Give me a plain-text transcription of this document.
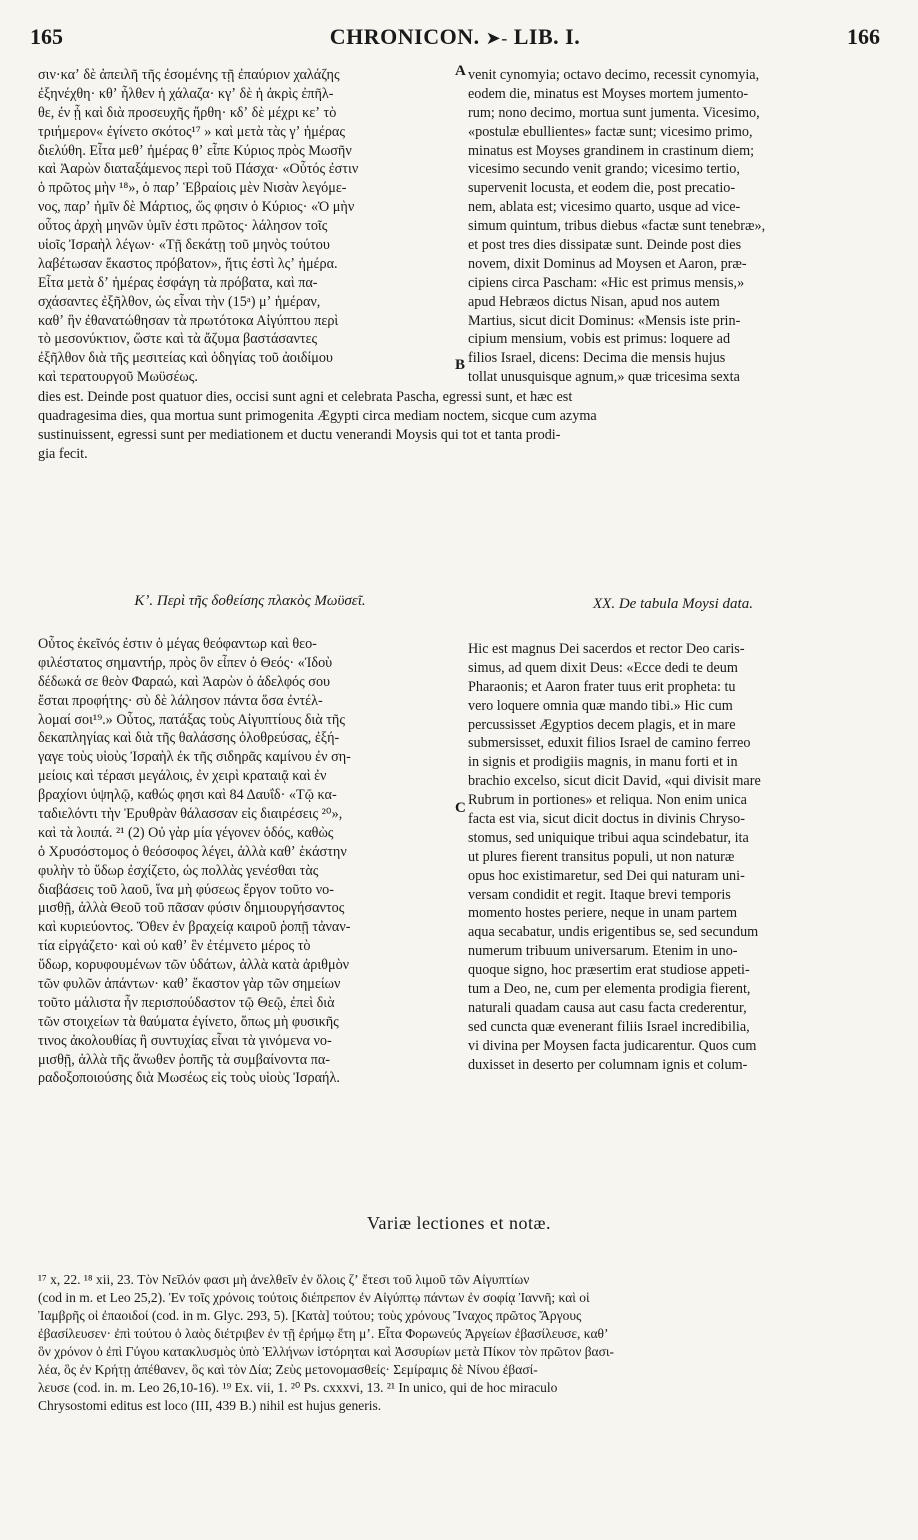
165	CHRONICON. ➤- LIB. I.	166
A
B
C
σιν·καʼ δὲ ἀπειλῆ τῆς ἐσομένης τῇ ἐπαύριον χαλάζης
ἐξηνέχθη· κθʼ ἦλθεν ἡ χάλαζα· κγʼ δὲ ἡ ἀκρὶς ἐπῆλ-
θε, ἐν ᾗ καὶ διὰ προσευχῆς ἤρθη· κδʼ δὲ μέχρι κεʼ τὸ
τριήμερον« ἐγίνετο σκότος¹⁷ » καὶ μετὰ τὰς γʼ ἡμέρας
διελύθη. Εἶτα μεθʼ ἡμέρας θʼ εἶπε Κύριος πρὸς Μωσῆν
καὶ Ἀαρὼν διαταξάμενος περὶ τοῦ Πάσχα· «Οὗτός ἐστιν
ὁ πρῶτος μὴν ¹⁸», ὁ παρʼ Ἑβραίοις μὲν Νισὰν λεγόμε-
νος, παρʼ ἡμῖν δὲ Μάρτιος, ὥς φησιν ὁ Κύριος· «Ὁ μὴν
οὗτος ἀρχὴ μηνῶν ὑμῖν ἐστι πρῶτος· λάλησον τοῖς
υἱοῖς Ἰσραὴλ λέγων· «Τῇ δεκάτῃ τοῦ μηνὸς τούτου
λαβέτωσαν ἕκαστος πρόβατον», ἥτις ἐστὶ λςʼ ἡμέρα.
Εἶτα μετὰ δʼ ἡμέρας ἐσφάγη τὰ πρόβατα, καὶ πα-
σχάσαντες ἐξῆλθον, ὡς εἶναι τὴν (15ᵃ) μʼ ἡμέραν,
καθʼ ἣν ἐθανατώθησαν τὰ πρωτότοκα Αἰγύπτου περὶ
τὸ μεσονύκτιον, ὥστε καὶ τὰ ἄζυμα βαστάσαντες
ἐξῆλθον διὰ τῆς μεσιτείας καὶ ὁδηγίας τοῦ ἀοιδίμου
καὶ τερατουργοῦ Μωϋσέως.
venit cynomyia; octavo decimo, recessit cynomyia,
eodem die, minatus est Moyses mortem jumento-
rum; nono decimo, mortua sunt jumenta. Vicesimo,
«postulæ ebullientes» factæ sunt; vicesimo primo,
minatus est Moyses grandinem in crastinum diem;
vicesimo secundo venit grando; vicesimo tertio,
supervenit locusta, et eodem die, post precatio-
nem, ablata est; vicesimo quarto, usque ad vice-
simum quintum, tribus diebus «factæ sunt tenebræ»,
et post tres dies dissipatæ sunt. Deinde post dies
novem, dixit Dominus ad Moysen et Aaron, præ-
cipiens circa Pascham: «Hic est primus mensis,»
apud Hebræos dictus Nisan, apud nos autem
Martius, sicut dicit Dominus: «Mensis iste prin-
cipium mensium, vobis est primus: loquere ad
filios Israel, dicens: Decima die mensis hujus
tollat unusquisque agnum,» quæ tricesima sexta
dies est. Deinde post quatuor dies, occisi sunt agni et celebrata Pascha, egressi sunt, et hæc est
quadragesima dies, qua mortua sunt primogenita Ægypti circa mediam noctem, sicque cum azyma
sustinuissent, egressi sunt per mediationem et ductu venerandi Moysis qui tot et tanta prodi-
gia fecit.
Κʼ. Περὶ τῆς δοθείσης πλακὸς Μωϋσεῖ.	XX. De tabula Moysi data.
Οὗτος ἐκεῖνός ἐστιν ὁ μέγας θεόφαντωρ καὶ θεο-
φιλέστατος σημαντήρ, πρὸς ὃν εἶπεν ὁ Θεός· «Ἰδοὺ
δέδωκά σε θεὸν Φαραώ, καὶ Ἀαρὼν ὁ ἀδελφός σου
ἔσται προφήτης· σὺ δὲ λάλησον πάντα ὅσα ἐντέλ-
λομαί σοι¹⁹.» Οὗτος, πατάξας τοὺς Αἰγυπτίους διὰ τῆς
δεκαπληγίας καὶ διὰ τῆς θαλάσσης ὀλοθρεύσας, ἐξή-
γαγε τοὺς υἱοὺς Ἰσραὴλ ἐκ τῆς σιδηρᾶς καμίνου ἐν ση-
μείοις καὶ τέρασι μεγάλοις, ἐν χειρὶ κραταιᾷ καὶ ἐν
βραχίονι ὑψηλῷ, καθώς φησι καὶ 84 Δαυΐδ· «Τῷ κα-
ταδιελόντι τὴν Ἐρυθρὰν θάλασσαν εἰς διαιρέσεις ²⁰»,
καὶ τὰ λοιπά. ²¹ (2) Οὐ γὰρ μία γέγονεν ὁδός, καθὼς
ὁ Χρυσόστομος ὁ θεόσοφος λέγει, ἀλλὰ καθʼ ἑκάστην
φυλὴν τὸ ὕδωρ ἐσχίζετο, ὡς πολλὰς γενέσθαι τὰς
διαβάσεις τοῦ λαοῦ, ἵνα μὴ φύσεως ἔργον τοῦτο νο-
μισθῇ, ἀλλὰ Θεοῦ τοῦ πᾶσαν φύσιν δημιουργήσαντος
καὶ κυριεύοντος. Ὅθεν ἐν βραχείᾳ καιροῦ ῥοπῇ τἀναν-
τία εἰργάζετο· καὶ οὐ καθʼ ἓν ἐτέμνετο μέρος τὸ
ὕδωρ, κορυφουμένων τῶν ὑδάτων, ἀλλὰ κατὰ ἀριθμὸν
τῶν φυλῶν ἁπάντων· καθʼ ἕκαστον γὰρ τῶν σημείων
τοῦτο μάλιστα ἦν περισπούδαστον τῷ Θεῷ, ἐπεὶ διὰ
τῶν στοιχείων τὰ θαύματα ἐγίνετο, ὅπως μὴ φυσικῆς
τινος ἀκολουθίας ἢ συντυχίας εἶναι τὰ γινόμενα νο-
μισθῇ, ἀλλὰ τῆς ἄνωθεν ῥοπῆς τὰ συμβαίνοντα πα-
ραδοξοποιούσης διὰ Μωσέως εἰς τοὺς υἱοὺς Ἰσραήλ.
Hic est magnus Dei sacerdos et rector Deo caris-
simus, ad quem dixit Deus: «Ecce dedi te deum
Pharaonis; et Aaron frater tuus erit propheta: tu
vero loquere omnia quæ mando tibi.» Hic cum
percussisset Ægyptios decem plagis, et in mare
submersisset, eduxit filios Israel de camino ferreo
in signis et prodigiis magnis, in manu forti et in
brachio excelso, sicut dicit David, «qui divisit mare
Rubrum in portiones» et reliqua. Non enim unica
facta est via, sicut dicit doctus in divinis Chryso-
stomus, sed uniquique tribui aqua scindebatur, ita
ut plures fierent transitus populi, ut non naturæ
opus hoc existimaretur, sed Dei qui naturam uni-
versam condidit et regit. Itaque brevi temporis
momento hostes periere, neque in unam partem
aqua secabatur, undis erigentibus se, sed secundum
numerum tribuum universarum. Etenim in uno-
quoque signo, hoc præsertim erat studiose appeti-
tum a Deo, ne, cum per elementa prodigia fierent,
naturali quadam causa aut casu facta crederentur,
sed cuncta quæ evenerant filiis Israel incredibilia,
vi divina per Moysen facta judicarentur. Quos cum
duxisset in deserto per columnam ignis et colum-
Variæ lectiones et notæ.
¹⁷ x, 22. ¹⁸ xii, 23. Τὸν Νεῖλόν φασι μὴ ἀνελθεῖν ἐν ὅλοις ζʼ ἔτεσι τοῦ λιμοῦ τῶν Αἰγυπτίων
(cod in m. et Leo 25,2). Ἐν τοῖς χρόνοις τούτοις διέπρεπον ἐν Αἰγύπτῳ πάντων ἐν σοφίᾳ Ἰαννῆ; καὶ οἱ
Ἰαμβρῆς οἱ ἐπαοιδοί (cod. in m. Glyc. 293, 5). [Κατὰ] τούτου; τοὺς χρόνους Ἴναχος πρῶτος Ἄργους
ἐβασίλευσεν· ἐπὶ τούτου ὁ λαὸς διέτριβεν ἐν τῇ ἐρήμῳ ἔτη μʼ. Εἶτα Φορωνεύς Ἀργείων ἐβασίλευσε, καθʼ
ὃν χρόνον ὁ ἐπὶ Γύγου κατακλυσμὸς ὑπὸ Ἑλλήνων ἱστόρηται καὶ Ἀσσυρίων μετὰ Πίκον τὸν πρῶτον βασι-
λέα, ὃς ἐν Κρήτῃ ἀπέθανεν, ὃς καὶ τὸν Δία; Ζεὺς μετονομασθείς· Σεμίραμις δὲ Νίνου ἐβασί-
λευσε (cod. in. m. Leo 26,10-16). ¹⁹ Ex. vii, 1. ²⁰ Ps. cxxxvi, 13. ²¹ In unico, qui de hoc miraculo
Chrysostomi editus est loco (III, 439 B.) nihil est hujus generis.
